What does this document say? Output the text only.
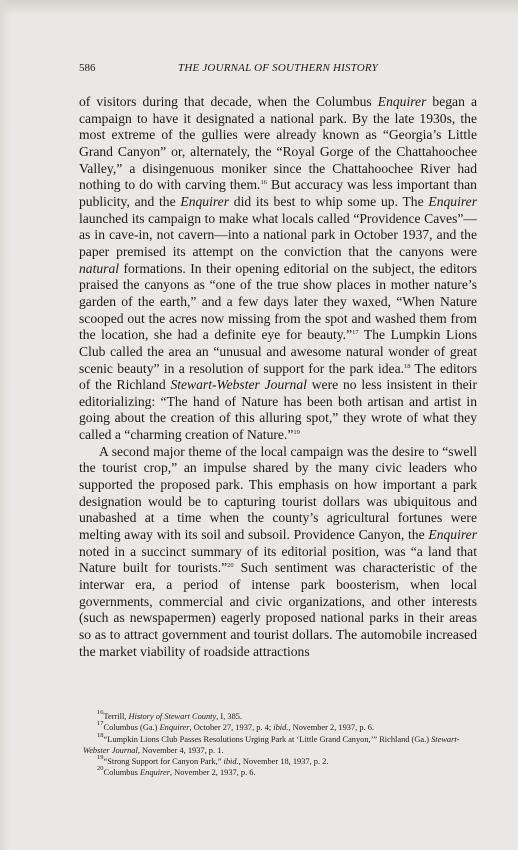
586	THE JOURNAL OF SOUTHERN HISTORY

of visitors during that decade, when the Columbus Enquirer began a campaign to have it designated a national park. By the late 1930s, the most extreme of the gullies were already known as “Georgia’s Little Grand Canyon” or, alternately, the “Royal Gorge of the Chattahoochee Valley,” a disingenuous moniker since the Chattahoochee River had nothing to do with carving them.$^{16}$ But accuracy was less important than publicity, and the Enquirer did its best to whip some up. The Enquirer launched its campaign to make what locals called “Providence Caves”—as in cave-in, not cavern—into a national park in October 1937, and the paper premised its attempt on the conviction that the canyons were natural formations. In their opening editorial on the subject, the editors praised the canyons as “one of the true show places in mother nature’s garden of the earth,” and a few days later they waxed, “When Nature scooped out the acres now missing from the spot and washed them from the location, she had a definite eye for beauty.”$^{17}$ The Lumpkin Lions Club called the area an “unusual and awesome natural wonder of great scenic beauty” in a resolution of support for the park idea.$^{18}$ The editors of the Richland Stewart-Webster Journal were no less insistent in their editorializing: “The hand of Nature has been both artisan and artist in going about the creation of this alluring spot,” they wrote of what they called a “charming creation of Nature.”$^{19}$

A second major theme of the local campaign was the desire to “swell the tourist crop,” an impulse shared by the many civic leaders who supported the proposed park. This emphasis on how important a park designation would be to capturing tourist dollars was ubiquitous and unabashed at a time when the county’s agricultural fortunes were melting away with its soil and subsoil. Providence Canyon, the Enquirer noted in a succinct summary of its editorial position, was “a land that Nature built for tourists.”$^{20}$ Such sentiment was characteristic of the interwar era, a period of intense park boosterism, when local governments, commercial and civic organizations, and other interests (such as newspapermen) eagerly proposed national parks in their areas so as to attract government and tourist dollars. The automobile increased the market viability of roadside attractions

$^{16}$Terrill, History of Stewart County, I, 385.
$^{17}$Columbus (Ga.) Enquirer, October 27, 1937, p. 4; ibid., November 2, 1937, p. 6.
$^{18}$“Lumpkin Lions Club Passes Resolutions Urging Park at ‘Little Grand Canyon,’” Richland (Ga.) Stewart-Webster Journal, November 4, 1937, p. 1.
$^{19}$“Strong Support for Canyon Park,” ibid., November 18, 1937, p. 2.
$^{20}$Columbus Enquirer, November 2, 1937, p. 6.
